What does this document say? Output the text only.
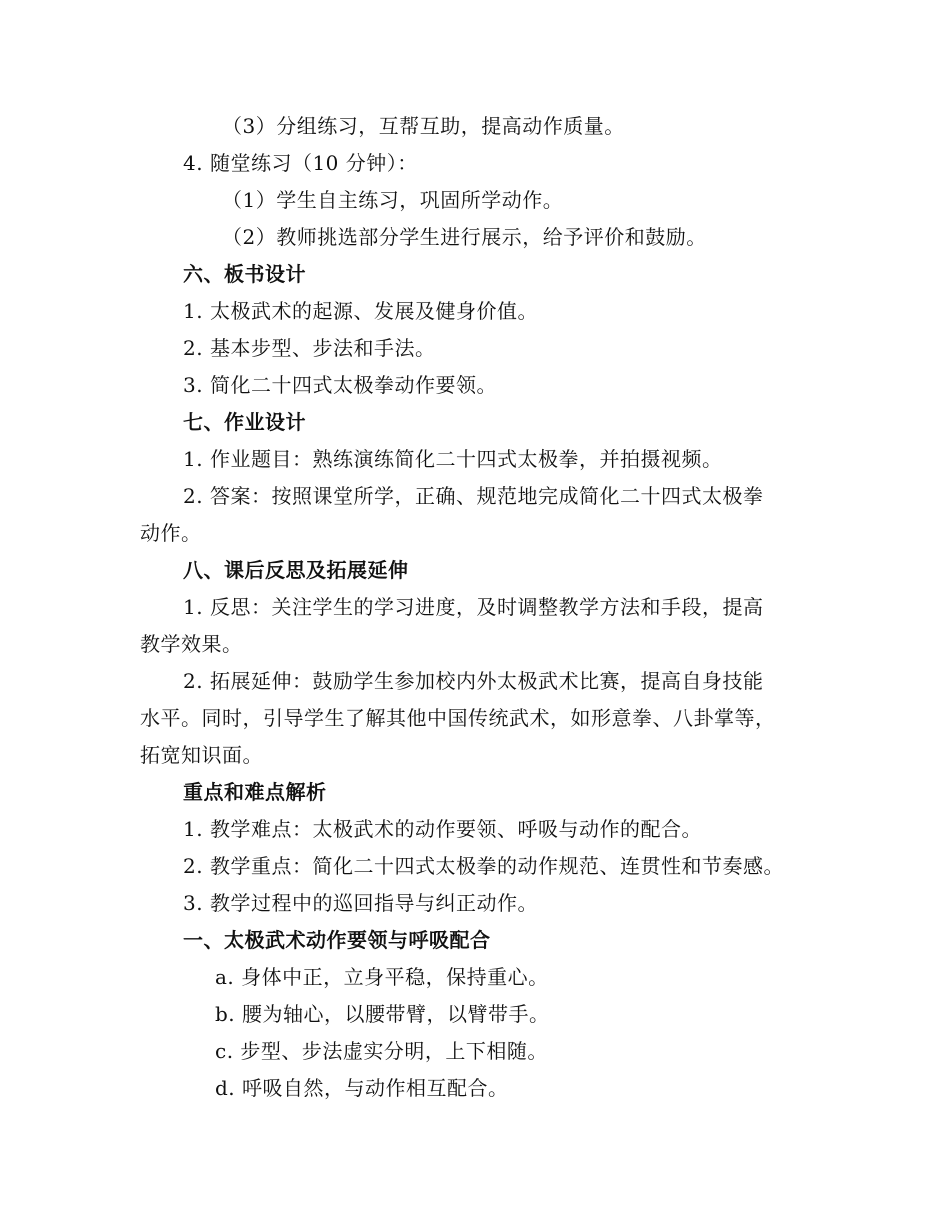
（3）分组练习，互帮互助，提高动作质量。
4. 随堂练习（10 分钟）：
（1）学生自主练习，巩固所学动作。
（2）教师挑选部分学生进行展示，给予评价和鼓励。
六、板书设计
1. 太极武术的起源、发展及健身价值。
2. 基本步型、步法和手法。
3. 简化二十四式太极拳动作要领。
七、作业设计
1. 作业题目：熟练演练简化二十四式太极拳，并拍摄视频。
2. 答案：按照课堂所学，正确、规范地完成简化二十四式太极拳
动作。
八、课后反思及拓展延伸
1. 反思：关注学生的学习进度，及时调整教学方法和手段，提高
教学效果。
2. 拓展延伸：鼓励学生参加校内外太极武术比赛，提高自身技能
水平。同时，引导学生了解其他中国传统武术，如形意拳、八卦掌等，
拓宽知识面。
重点和难点解析
1. 教学难点：太极武术的动作要领、呼吸与动作的配合。
2. 教学重点：简化二十四式太极拳的动作规范、连贯性和节奏感。
3. 教学过程中的巡回指导与纠正动作。
一、太极武术动作要领与呼吸配合
a. 身体中正，立身平稳，保持重心。
b. 腰为轴心，以腰带臂，以臂带手。
c. 步型、步法虚实分明，上下相随。
d. 呼吸自然，与动作相互配合。
